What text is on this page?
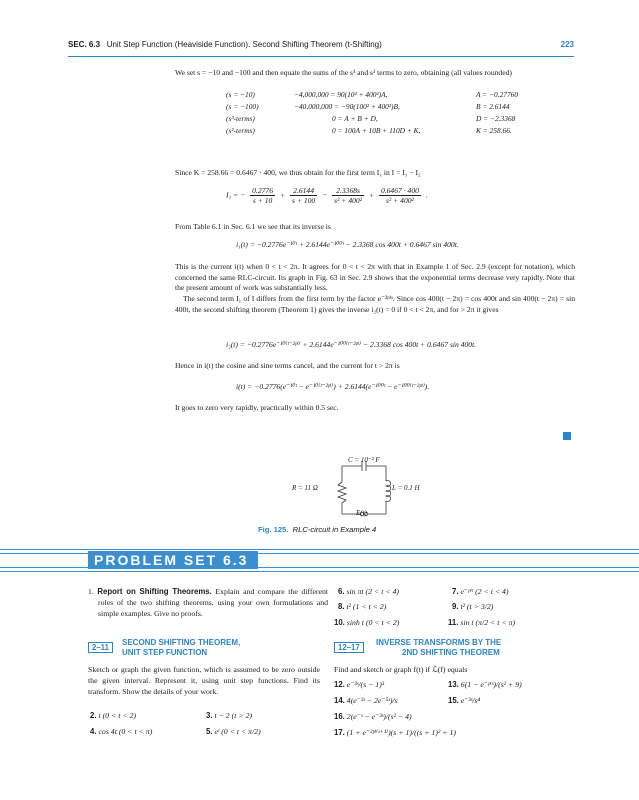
SEC. 6.3 Unit Step Function (Heaviside Function). Second Shifting Theorem (t-Shifting)	223
We set s = −10 and −100 and then equate the sums of the s³ and s² terms to zero, obtaining (all values rounded)
(s = −10)	−4,000,000 = 90(10² + 400²)A,	A = −0.27760
(s = −100)	−40,000,000 = −90(100² + 400²)B,	B = 2.6144
(s³-terms)	0 = A + B + D,	D = −2.3368
(s²-terms)	0 = 100A + 10B + 110D + K,	K = 258.66.
Since K = 258.66 = 0.6467 · 400, we thus obtain for the first term I₁ in I = I₁ − I₂
I₁ = − $\frac{0.2776}{s + 10} + \frac{2.6144}{s + 100} - \frac{2.3368s}{\text{s² + 400²}} + \frac{0.6467 \cdot 400}{\text{s² + 400²}}$ .
From Table 6.1 in Sec. 6.1 we see that its inverse is
i₁(t) = −0.2776e⁻¹⁰ᵗ + 2.6144e⁻¹⁰⁰ᵗ − 2.3368 cos 400t + 0.6467 sin 400t.
This is the current i(t) when 0 < t < 2π. It agrees for 0 < t < 2π with that in Example 1 of Sec. 2.9 (except for notation), which concerned the same RLC-circuit. Its graph in Fig. 63 in Sec. 2.9 shows that the exponential terms decrease very rapidly. Note that the present amount of work was substantially less.
The second term I₁ of I differs from the first term by the factor e⁻²ᵖⁱˢ. Since cos 400(t − 2π) = cos 400t and sin 400(t − 2π) = sin 400t, the second shifting theorem (Theorem 1) gives the inverse i₂(t) = 0 if 0 < t < 2π, and for > 2π it gives
i₂(t) = −0.2776e⁻¹⁰⁽ᵗ⁻²ᵖⁱ⁾ + 2.6144e⁻¹⁰⁰⁽ᵗ⁻²ᵖⁱ⁾ − 2.3368 cos 400t + 0.6467 sin 400t.
Hence in i(t) the cosine and sine terms cancel, and the current for t > 2π is
i(t) = −0.2776(e⁻¹⁰ᵗ − e⁻¹⁰⁽ᵗ⁻²ᵖⁱ⁾) + 2.6144(e⁻¹⁰⁰ᵗ − e⁻¹⁰⁰⁽ᵗ⁻²ᵖⁱ⁾).
It goes to zero very rapidly, practically within 0.5 sec.
C = 10⁻² F
R = 11 Ω	L = 0.1 H
E(t)
Fig. 125. RLC-circuit in Example 4
PROBLEM SET 6.3
1. Report on Shifting Theorems. Explain and compare the different roles of the two shifting theorems, using your own formulations and simple examples. Give no proofs.
2–11
SECOND SHIFTING THEOREM,
UNIT STEP FUNCTION
Sketch or graph the given function, which is assumed to be zero outside the given interval. Represent it, using unit step functions. Find its transform. Show the details of your work.
2. t (0 < t < 2)	3. t − 2 (t > 2)
4. cos 4t (0 < t < π)	5. eᵗ (0 < t < π/2)
6. sin πt (2 < t < 4)	7. e⁻ᵖⁱᵗ (2 < t < 4)
8. t² (1 < t < 2)	9. t² (t > 3/2)
10. sinh t (0 < t < 2)	11. sin t (π/2 < t < π)
12–17
INVERSE TRANSFORMS BY THE
2ND SHIFTING THEOREM
Find and sketch or graph f(t) if ℒ(f) equals
12. e⁻³ˢ/(s − 1)³	13. 6(1 − e⁻ᵖⁱˢ)/(s² + 9)
14. 4(e⁻²ˢ − 2e⁻⁵ˢ)/s	15. e⁻³ˢ/s⁴
16. 2(e⁻ˢ − e⁻³ˢ)/(s² − 4)
17. (1 + e⁻²ᵖⁱ⁽ˢ⁺¹⁾)(s + 1)/((s + 1)² + 1)
